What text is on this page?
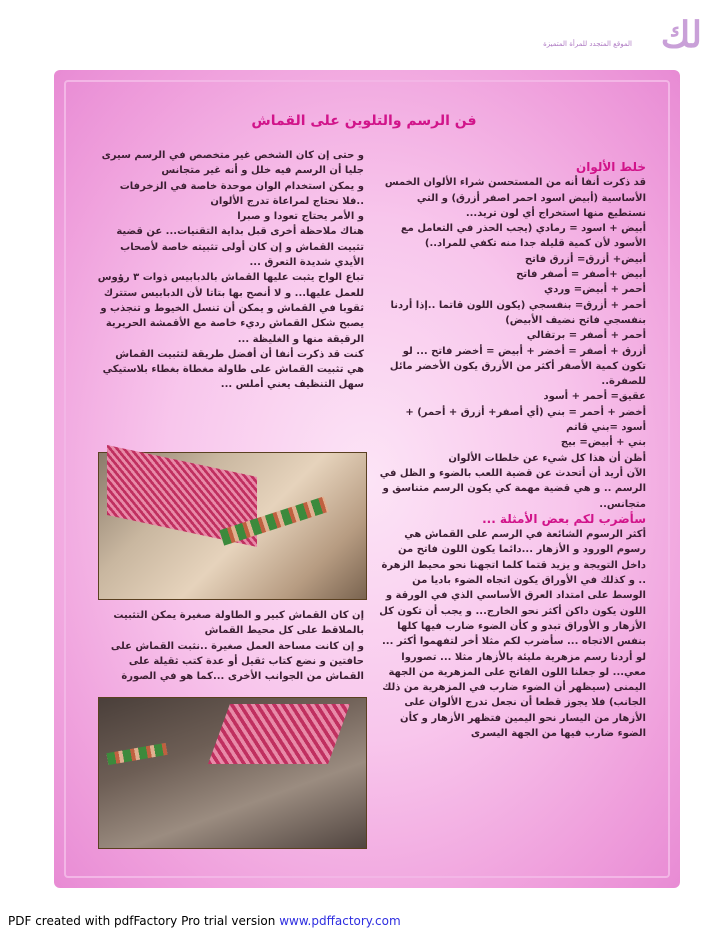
لك
الموقع المتجدد للمرأة المتميزة
فن الرسم والتلوين على القماش

خلط الألوان

قد ذكرت أنفا أنه من المستحسن شراء الألوان الخمس الأساسية (أبيض اسود احمر اصفر أزرق) و التي نستطيع منها استخراج أي لون تريد...

أبيض + اسود = رمادي (يجب الحذر في التعامل مع الأسود لأن كمية قليلة جدا منه تكفي للمراد..)

أبيض+ أزرق= أزرق فاتح

أبيض +أصفر = أصفر فاتح

أحمر + أبيض= وردي

أحمر + أزرق= بنفسجي (يكون اللون قاتما ..إذا أردنا بنفسجي فاتح نضيف الأبيض)

أحمر + أصفر = برتقالي

أزرق + أصفر = أخضر + أبيض = أخضر فاتح ... لو تكون كمية الأصفر أكثر من الأزرق يكون الأخضر مائل للصفرة..

عقيق= أحمر + أسود

أخضر + أحمر = بني (أي أصفر+ أزرق + أحمر) + أسود =بني قاتم

بني + أبيض= بيج

أظن أن هذا كل شيء عن خلطات الألوان

الآن أريد أن أتحدث عن قضية اللعب بالضوء و الظل في الرسم .. و هي قضية مهمة كي يكون الرسم متناسق و متجانس..

سأضرب لكم بعض الأمثلة ...

أكثر الرسوم الشائعة في الرسم على القماش هي رسوم الورود و الأزهار ...دائما يكون اللون فاتح من داخل التويجة و يزيد قتما كلما اتجهنا نحو محيط الزهرة .. و كذلك في الأوراق يكون اتجاه الضوء باديا من الوسط على امتداد العرق الأساسي الذي في الورقة و اللون يكون داكن أكثر نحو الخارج... و يجب أن تكون كل الأزهار و الأوراق تبدو و كأن الضوء ضارب فيها كلها بنفس الاتجاه ... سأضرب لكم مثلا أخر لتفهموا أكثر ... لو أردنا رسم مزهرية مليئة بالأزهار مثلا ... تصوروا معي... لو جعلنا اللون الفاتح على المزهرية من الجهة اليمنى (سيظهر أن الضوء ضارب في المزهرية من ذلك الجانب) فلا يجوز قطعا أن نجعل تدرج الألوان على الأزهار من اليسار نحو اليمين فتظهر الأزهار و كأن الضوء ضارب فيها من الجهة اليسرى

و حتى إن كان الشخص غير متخصص في الرسم سيرى جليا أن الرسم فيه خلل و أنه غير متجانس

و يمكن استخدام الوان موحدة خاصة في الزخرفات ..فلا نحتاج لمراعاة تدرج الألوان

و الأمر يحتاج تعودا و صبرا

هناك ملاحظة أخرى قبل بداية التقنيات... عن قضية تثبيت القماش و إن كان أولى تثبيته خاصة لأصحاب الأيدي شديدة التعرق ...

تباع الواح يثبت عليها القماش بالدبابيس ذوات ٣ رؤوس للعمل عليها... و لا أنصح بها بتاتا لأن الدبابيس ستترك ثقوبا في القماش و يمكن أن تنسل الخيوط و تنجذب و يصبح شكل القماش رديء خاصة مع الأقمشة الحريرية الرقيقة منها و الغليظة ...

كنت قد ذكرت أنفا أن أفضل طريقة لتثبيت القماش هي تثبيت القماش على طاولة مغطاة بغطاء بلاستيكي سهل التنظيف يعني أملس ...

إن كان القماش كبير و الطاولة صغيرة يمكن التثبيت بالملاقط على كل محيط القماش

و إن كانت مساحة العمل صغيرة ..نثبت القماش على حافتين و نضع كتاب ثقيل أو عدة كتب ثقيلة على القماش من الجوانب الأخرى ...كما هو في الصورة

PDF created with pdfFactory Pro trial version www.pdffactory.com
